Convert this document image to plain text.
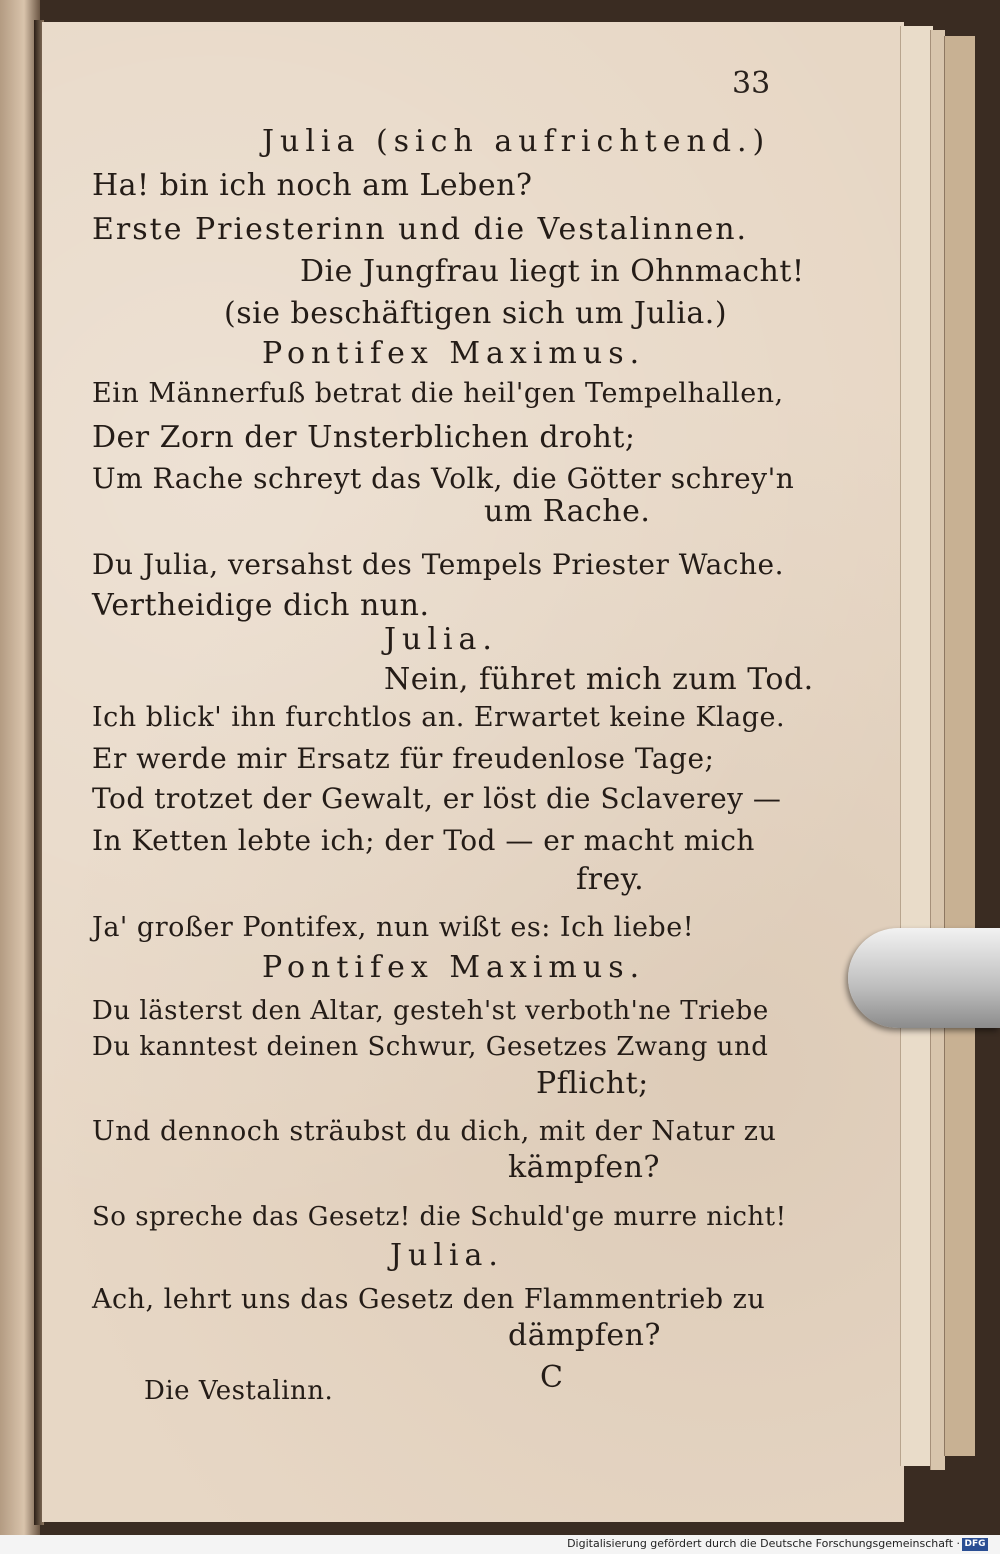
33
Julia (sich aufrichtend.)
Ha! bin ich noch am Leben?
Erste Priesterinn und die Vestalinnen.
Die Jungfrau liegt in Ohnmacht!
(sie beschäftigen sich um Julia.)
Pontifex Maximus.
Ein Männerfuß betrat die heil'gen Tempelhallen,
Der Zorn der Unsterblichen droht;
Um Rache schreyt das Volk, die Götter schrey'n
um Rache.
Du Julia, versahst des Tempels Priester Wache.
Vertheidige dich nun.
Julia.
Nein, führet mich zum Tod.
Ich blick' ihn furchtlos an. Erwartet keine Klage.
Er werde mir Ersatz für freudenlose Tage;
Tod trotzet der Gewalt, er löst die Sclaverey —
In Ketten lebte ich; der Tod — er macht mich
frey.
Ja' großer Pontifex, nun wißt es: Ich liebe!
Pontifex Maximus.
Du lästerst den Altar, gesteh'st verboth'ne Triebe
Du kanntest deinen Schwur, Gesetzes Zwang und
Pflicht;
Und dennoch sträubst du dich, mit der Natur zu
kämpfen?
So spreche das Gesetz! die Schuld'ge murre nicht!
Julia.
Ach, lehrt uns das Gesetz den Flammentrieb zu
dämpfen?
C
Die Vestalinn.
Digitalisierung gefördert durch die Deutsche Forschungsgemeinschaft · DFG
